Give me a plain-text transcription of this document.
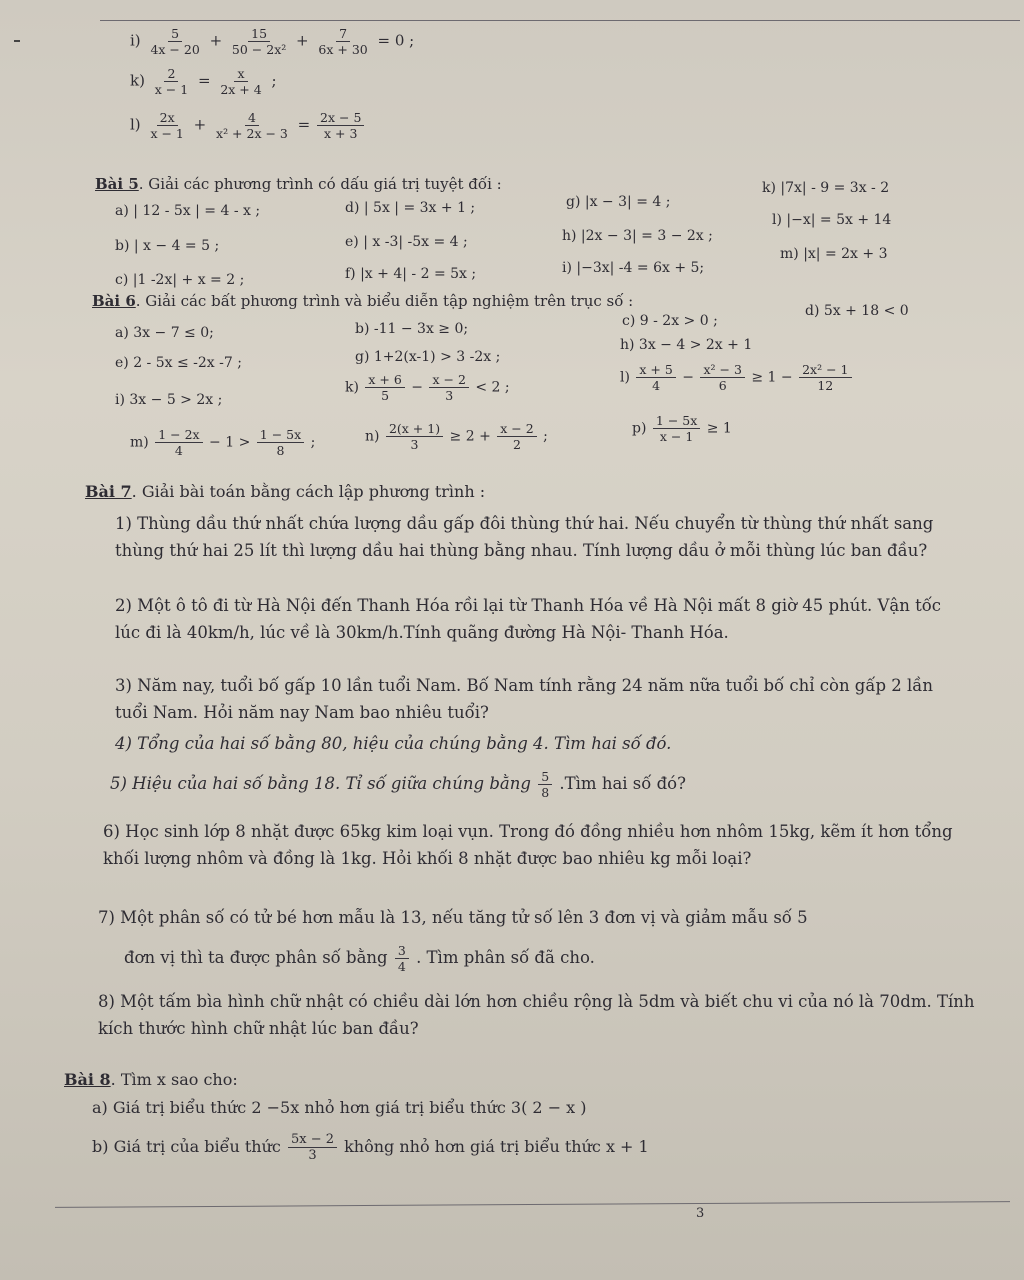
$i) \frac{5}{4x - 20} + \frac{15}{\text{50 − 2x²}} + \frac{7}{6x + 30} = 0$ ;
$k) \frac{2}{x - 1} = \frac{x}{2x + 4}$ ;
$l) \frac{2x}{x - 1} + \frac{4}{\text{x² + 2x − 3}} = \frac{2x - 5}{x + 3}$
Bài 5. Giải các phương trình có dấu giá trị tuyệt đối :
a) | 12 - 5x | = 4 - x ;	d) | 5x | = 3x + 1 ;	g) |x − 3| = 4 ;
k) |7x| - 9 = 3x - 2
b) | x − 4 = 5 ;	e) | x -3| -5x = 4 ;	h) |2x − 3| = 3 − 2x ;
l) |−x| = 5x + 14
c) |1 -2x| + x = 2 ;	f) |x + 4| - 2 = 5x ;	i) |−3x| -4 = 6x + 5;
m) |x| = 2x + 3
Bài 6. Giải các bất phương trình và biểu diễn tập nghiệm trên trục số :
a) 3x − 7 ≤ 0;	b) -11 − 3x ≥ 0;	c) 9 - 2x > 0 ;
d) 5x + 18 < 0
e) 2 - 5x ≤ -2x -7 ;	g) 1+2(x-1) > 3 -2x ;
h) 3x − 4 > 2x + 1
i) 3x − 5 > 2x ;
$k) \frac{x + 6}{5} - \frac{x - 2}{3} < 2$ ;
$l) \frac{x + 5}{4} - \frac{\text{x² − 3}}{6} \ge 1 - \frac{\text{2x² − 1}}{12}$
$m) \frac{1 - 2x}{4} - 1 > \frac{1 - 5x}{8}$ ;	$n) \frac{2(x + 1)}{3} \ge 2 + \frac{x - 2}{2}$ ;	$p) \frac{1 - 5x}{x - 1} \ge 1$
Bài 7. Giải bài toán bằng cách lập phương trình :
1) Thùng dầu thứ nhất chứa lượng dầu gấp đôi thùng thứ hai. Nếu chuyển từ thùng thứ nhất sang thùng thứ hai 25 lít thì lượng dầu hai thùng bằng nhau. Tính lượng dầu ở mỗi thùng lúc ban đầu?
2) Một ô tô đi từ Hà Nội đến Thanh Hóa rồi lại từ Thanh Hóa về Hà Nội mất 8 giờ 45 phút. Vận tốc lúc đi là 40km/h, lúc về là 30km/h.Tính quãng đường Hà Nội- Thanh Hóa.
3) Năm nay, tuổi bố gấp 10 lần tuổi Nam. Bố Nam tính rằng 24 năm nữa tuổi bố chỉ còn gấp 2 lần tuổi Nam. Hỏi năm nay Nam bao nhiêu tuổi?
4) Tổng của hai số bằng 80, hiệu của chúng bằng 4. Tìm hai số đó.
5) Hiệu của hai số bằng 18. Tỉ số giữa chúng bằng $\frac{5}{8}$ .Tìm hai số đó?
6) Học sinh lớp 8 nhặt được 65kg kim loại vụn. Trong đó đồng nhiều hơn nhôm 15kg, kẽm ít hơn tổng khối lượng nhôm và đồng là 1kg. Hỏi khối 8 nhặt được bao nhiêu kg mỗi loại?
7) Một phân số có tử bé hơn mẫu là 13, nếu tăng tử số lên 3 đơn vị và giảm mẫu số 5
đơn vị thì ta được phân số bằng $\frac{3}{4}$ . Tìm phân số đã cho.
8) Một tấm bìa hình chữ nhật có chiều dài lớn hơn chiều rộng là 5dm và biết chu vi của nó là 70dm. Tính kích thước hình chữ nhật lúc ban đầu?
Bài 8. Tìm x sao cho:
a) Giá trị biểu thức 2 −5x nhỏ hơn giá trị biểu thức 3( 2 − x )
b) Giá trị của biểu thức $\frac{5x - 2}{3}$ không nhỏ hơn giá trị biểu thức x + 1
3
